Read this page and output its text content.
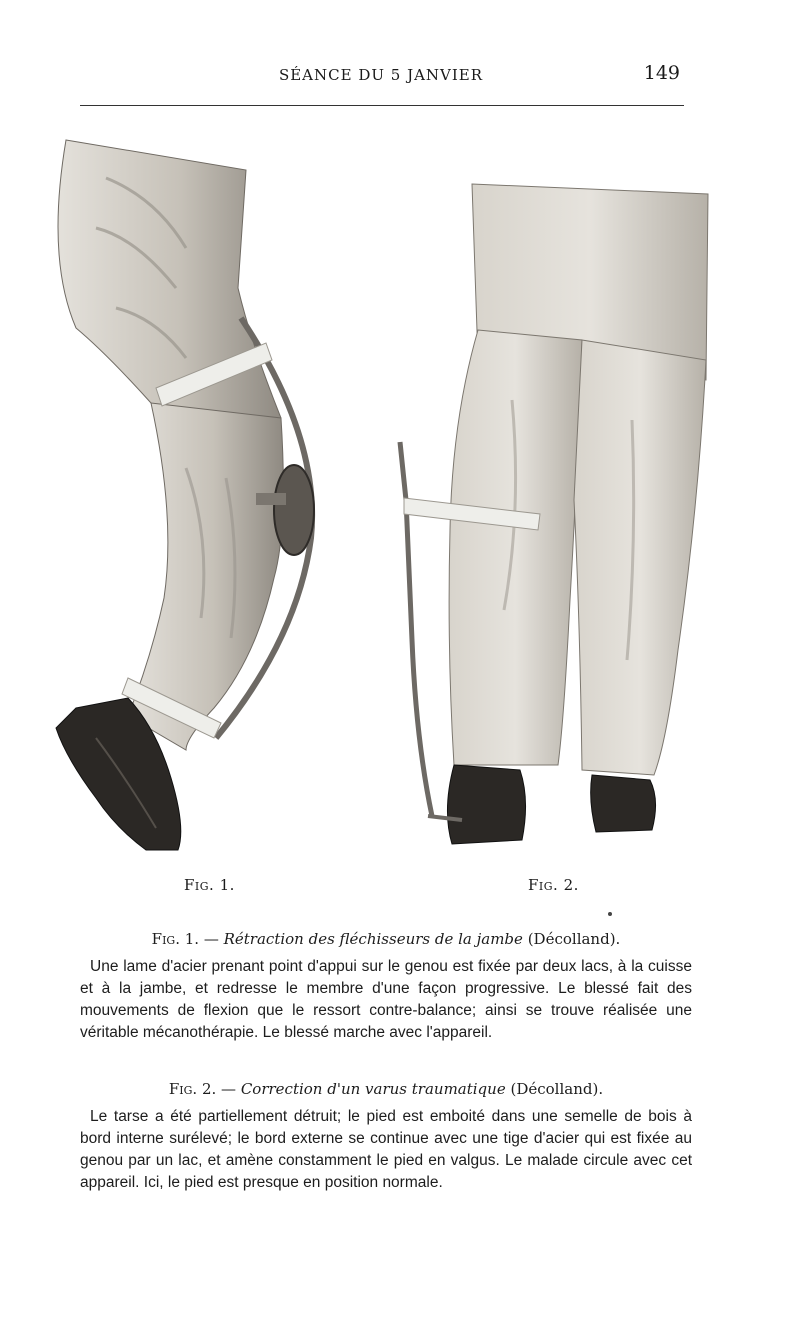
SÉANCE DU 5 JANVIER	149
Fig. 1.	Fig. 2.
Fig. 1. — Rétraction des fléchisseurs de la jambe (Décolland).
Une lame d'acier prenant point d'appui sur le genou est fixée par deux lacs, à la cuisse et à la jambe, et redresse le membre d'une façon progressive. Le blessé fait des mouvements de flexion que le ressort contre-balance; ainsi se trouve réalisée une véritable mécanothérapie. Le blessé marche avec l'appareil.
Fig. 2. — Correction d'un varus traumatique (Décolland).
Le tarse a été partiellement détruit; le pied est emboité dans une semelle de bois à bord interne surélevé; le bord externe se continue avec une tige d'acier qui est fixée au genou par un lac, et amène constamment le pied en valgus. Le malade circule avec cet appareil. Ici, le pied est presque en position normale.
